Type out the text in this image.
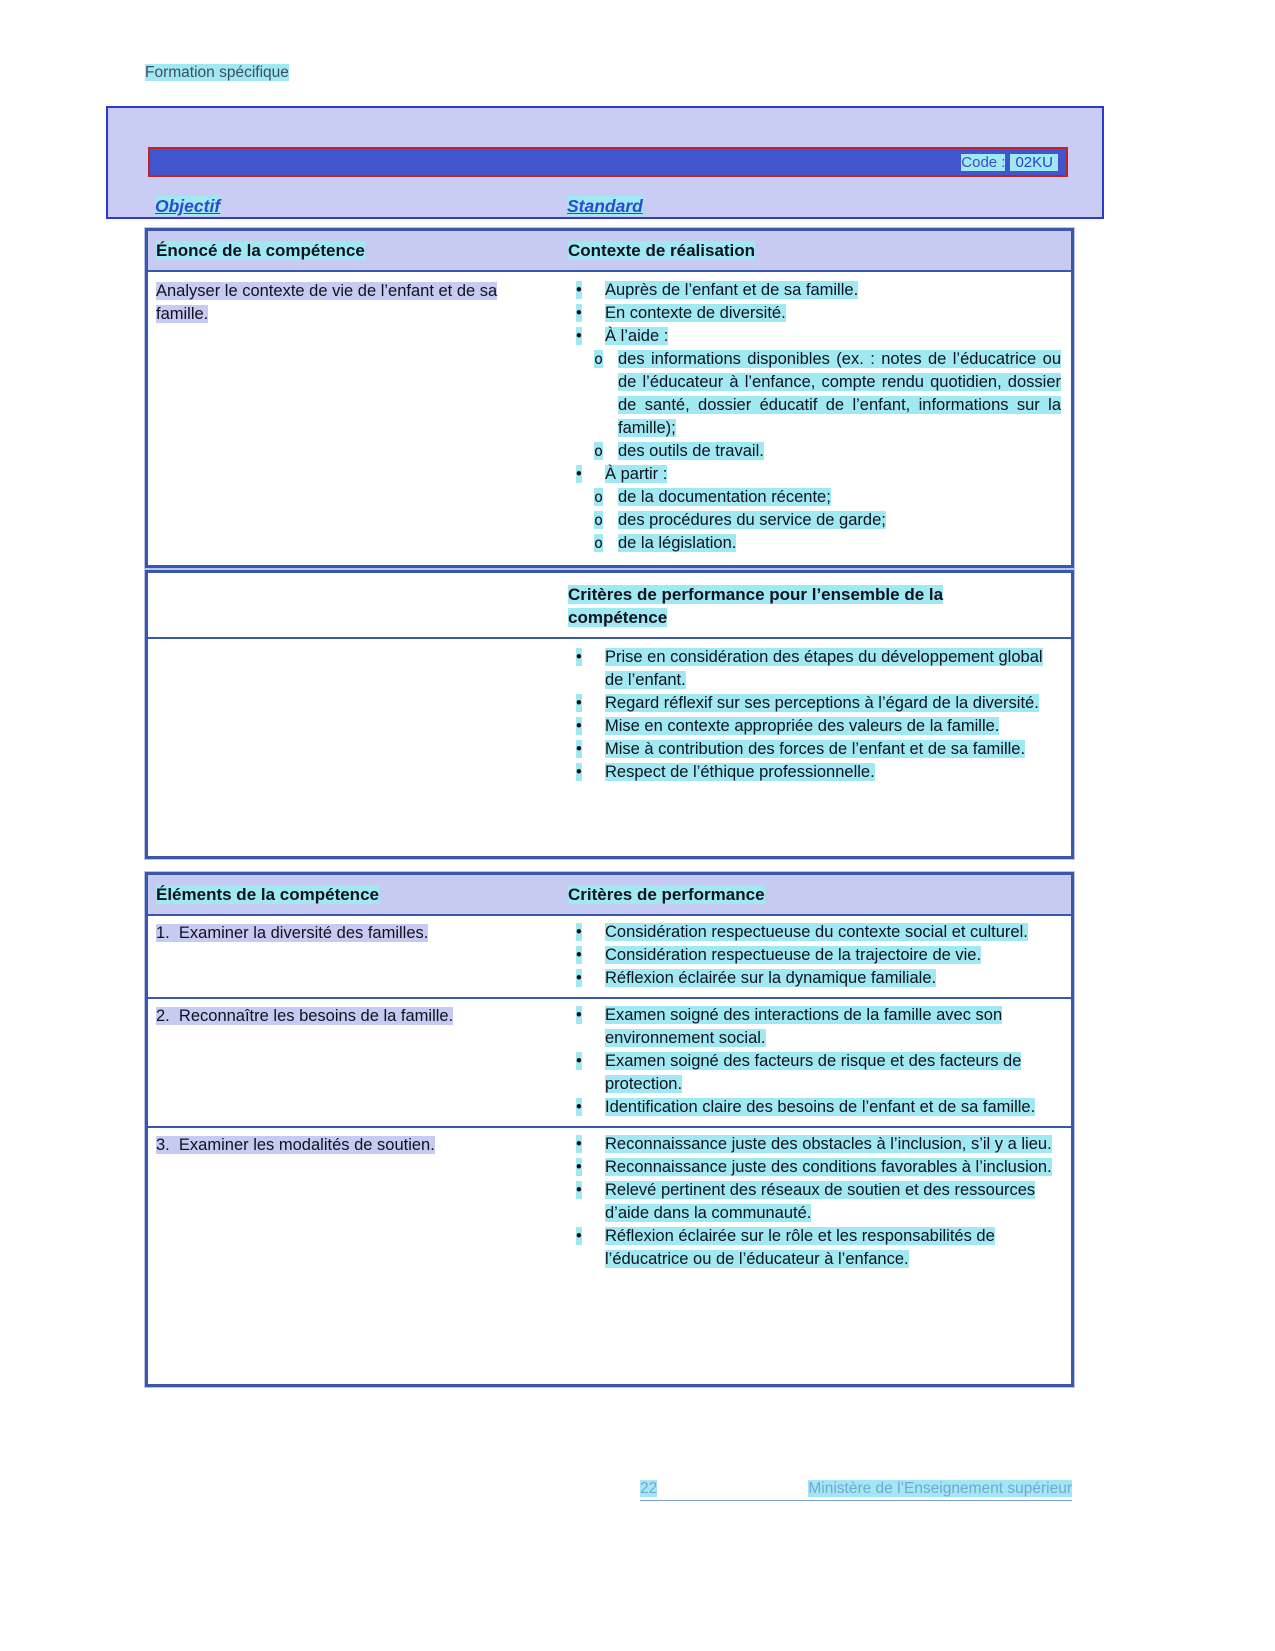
Formation spécifique
Code : 02KU
Objectif	Standard
Énoncé de la compétence	Contexte de réalisation
Analyser le contexte de vie de l’enfant et de sa famille.
•	Auprès de l’enfant et de sa famille.
•	En contexte de diversité.
•	À l’aide :
o des informations disponibles (ex. : notes de l’éducatrice ou de l’éducateur à l’enfance, compte rendu quotidien, dossier de santé, dossier éducatif de l’enfant, informations sur la famille);
o des outils de travail.
•	À partir :
o de la documentation récente;
o des procédures du service de garde;
o de la législation.
Critères de performance pour l’ensemble de la compétence
•	Prise en considération des étapes du développement global de l’enfant.
•	Regard réflexif sur ses perceptions à l’égard de la diversité.
•	Mise en contexte appropriée des valeurs de la famille.
•	Mise à contribution des forces de l’enfant et de sa famille.
•	Respect de l’éthique professionnelle.
Éléments de la compétence	Critères de performance
1.  Examiner la diversité des familles.	•	Considération respectueuse du contexte social et culturel.
•	Considération respectueuse de la trajectoire de vie.
•	Réflexion éclairée sur la dynamique familiale.
2.  Reconnaître les besoins de la famille.	•	Examen soigné des interactions de la famille avec son environnement social.
•	Examen soigné des facteurs de risque et des facteurs de protection.
•	Identification claire des besoins de l’enfant et de sa famille.
3.  Examiner les modalités de soutien.	•	Reconnaissance juste des obstacles à l’inclusion, s’il y a lieu.
•	Reconnaissance juste des conditions favorables à l’inclusion.
•	Relevé pertinent des réseaux de soutien et des ressources d’aide dans la communauté.
•	Réflexion éclairée sur le rôle et les responsabilités de l’éducatrice ou de l’éducateur à l’enfance.
22	Ministère de l’Enseignement supérieur
